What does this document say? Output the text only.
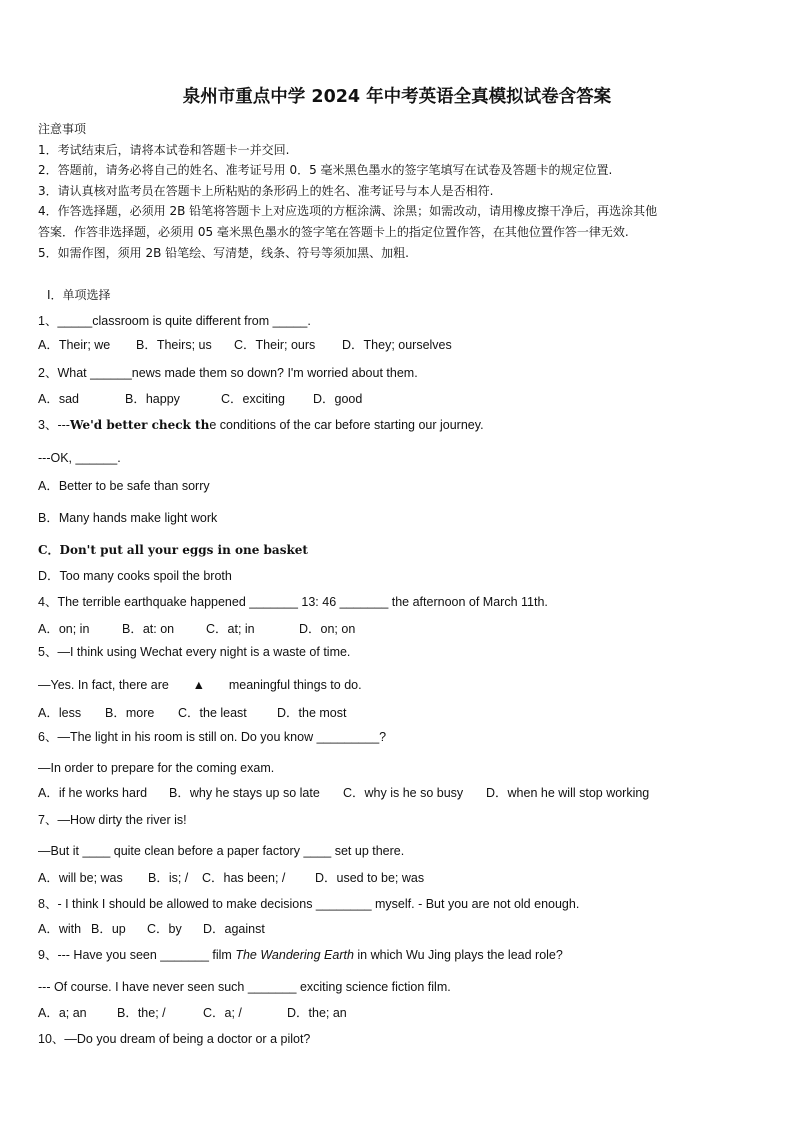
泉州市重点中学 2024 年中考英语全真模拟试卷含答案
注意事项
1．考试结束后，请将本试卷和答题卡一并交回.
2．答题前，请务必将自己的姓名、准考证号用 0．5 毫米黑色墨水的签字笔填写在试卷及答题卡的规定位置.
3．请认真核对监考员在答题卡上所粘贴的条形码上的姓名、准考证号与本人是否相符.
4．作答选择题，必须用 2B 铅笔将答题卡上对应选项的方框涂满、涂黑；如需改动，请用橡皮擦干净后，再选涂其他
答案．作答非选择题，必须用 05 毫米黑色墨水的签字笔在答题卡上的指定位置作答，在其他位置作答一律无效.
5．如需作图，须用 2B 铅笔绘、写清楚，线条、符号等须加黑、加粗.
Ⅰ．单项选择
1、_____classroom is quite different from _____.
A．Their; we B．Theirs; us C．Their; ours D．They; ourselves
2、What ______news made them so down? I'm worried about them.
A．sad	B．happy	C．exciting D．good
3、---We'd better check the conditions of the car before starting our journey.
---OK, ______.
A．Better to be safe than sorry
B．Many hands make light work
C．Don't put all your eggs in one basket
D．Too many cooks spoil the broth
4、The terrible earthquake happened _______ 13: 46 _______ the afternoon of March 11th.
A．on; in	B．at: on	C．at; in	D．on; on
5、—I think using Wechat every night is a waste of time.
—Yes. In fact, there are ▲ meaningful things to do.
A．less B．more C．the least D．the most
6、—The light in his room is still on. Do you know _________?
—In order to prepare for the coming exam.
A．if he works hard B．why he stays up so late C．why is he so busy D．when he will stop working
7、—How dirty the river is!
—But it ____ quite clean before a paper factory ____ set up there.
A．will be; was B．is; / C．has been; / D．used to be; was
8、- I think I should be allowed to make decisions ________ myself. - But you are not old enough.
A．with B．up C．by D．against
9、--- Have you seen _______ film The Wandering Earth in which Wu Jing plays the lead role?
--- Of course. I have never seen such _______ exciting science fiction film.
A．a; an B．the; /	C．a; /	D．the; an
10、—Do you dream of being a doctor or a pilot?
